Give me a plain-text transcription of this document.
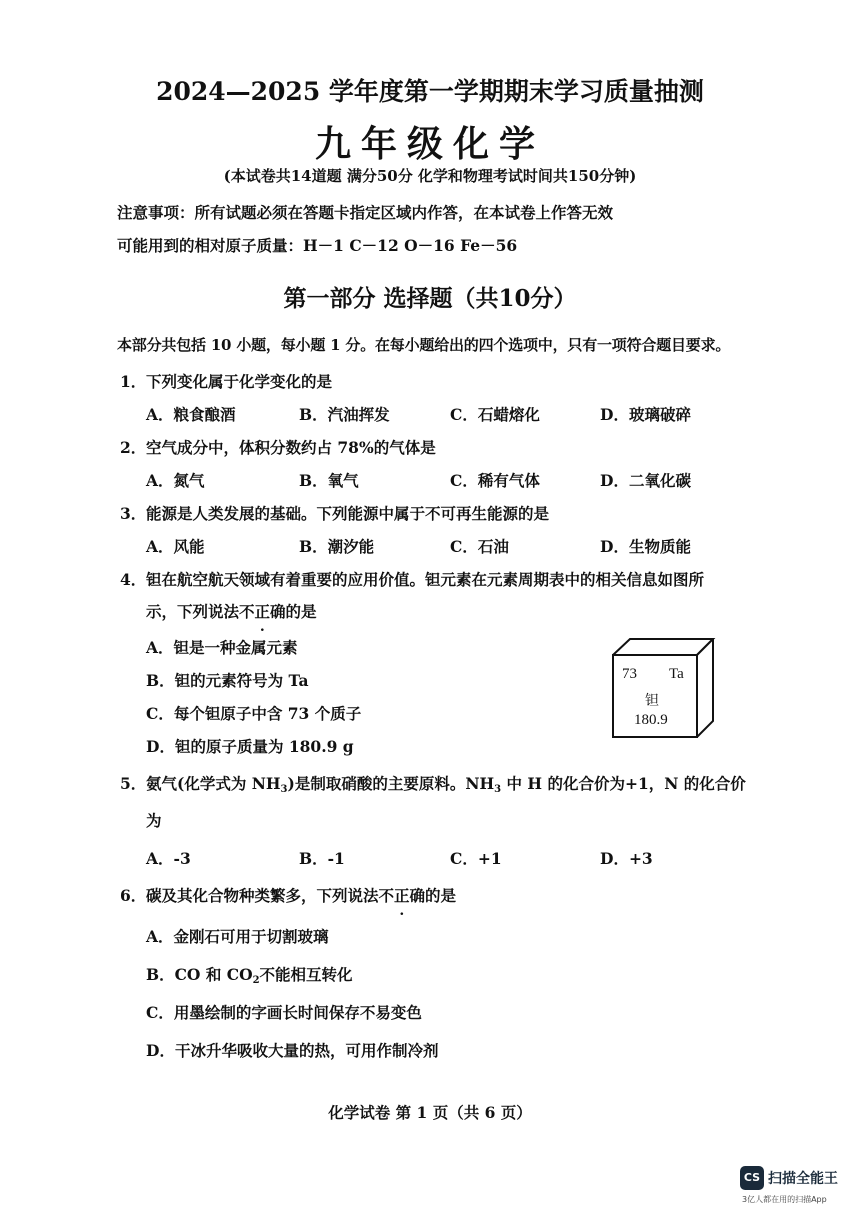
2024—2025 学年度第一学期期末学习质量抽测
九年级化学
(本试卷共14道题 满分50分 化学和物理考试时间共150分钟)
注意事项：所有试题必须在答题卡指定区域内作答，在本试卷上作答无效
可能用到的相对原子质量：H－1 C－12 O－16 Fe－56
第一部分 选择题（共10分）
本部分共包括 10 小题，每小题 1 分。在每小题给出的四个选项中，只有一项符合题目要求。
1．下列变化属于化学变化的是
A．粮食酿酒	B．汽油挥发	C．石蜡熔化	D．玻璃破碎
2．空气成分中，体积分数约占 78%的气体是
A．氮气	B．氧气	C．稀有气体	D．二氧化碳
3．能源是人类发展的基础。下列能源中属于不可再生能源的是
A．风能	B．潮汐能	C．石油	D．生物质能
4．钽在航空航天领域有着重要的应用价值。钽元素在元素周期表中的相关信息如图所
示，下列说法不正确的是
A．钽是一种金属元素
B．钽的元素符号为 Ta
C．每个钽原子中含 73 个质子
D．钽的原子质量为 180.9 g
73 Ta
钽
180.9
5．氨气(化学式为 $NH_3$)是制取硝酸的主要原料。$NH_3$ 中 H 的化合价为+1，N 的化合价
为
A．-3	B．-1	C．+1	D．+3
6．碳及其化合物种类繁多，下列说法不正确的是
A．金刚石可用于切割玻璃
B．CO 和 $CO_2$不能相互转化
C．用墨绘制的字画长时间保存不易变色
D．干冰升华吸收大量的热，可用作制冷剂
化学试卷 第 1 页（共 6 页）
CS 扫描全能王
3亿人都在用的扫描App
